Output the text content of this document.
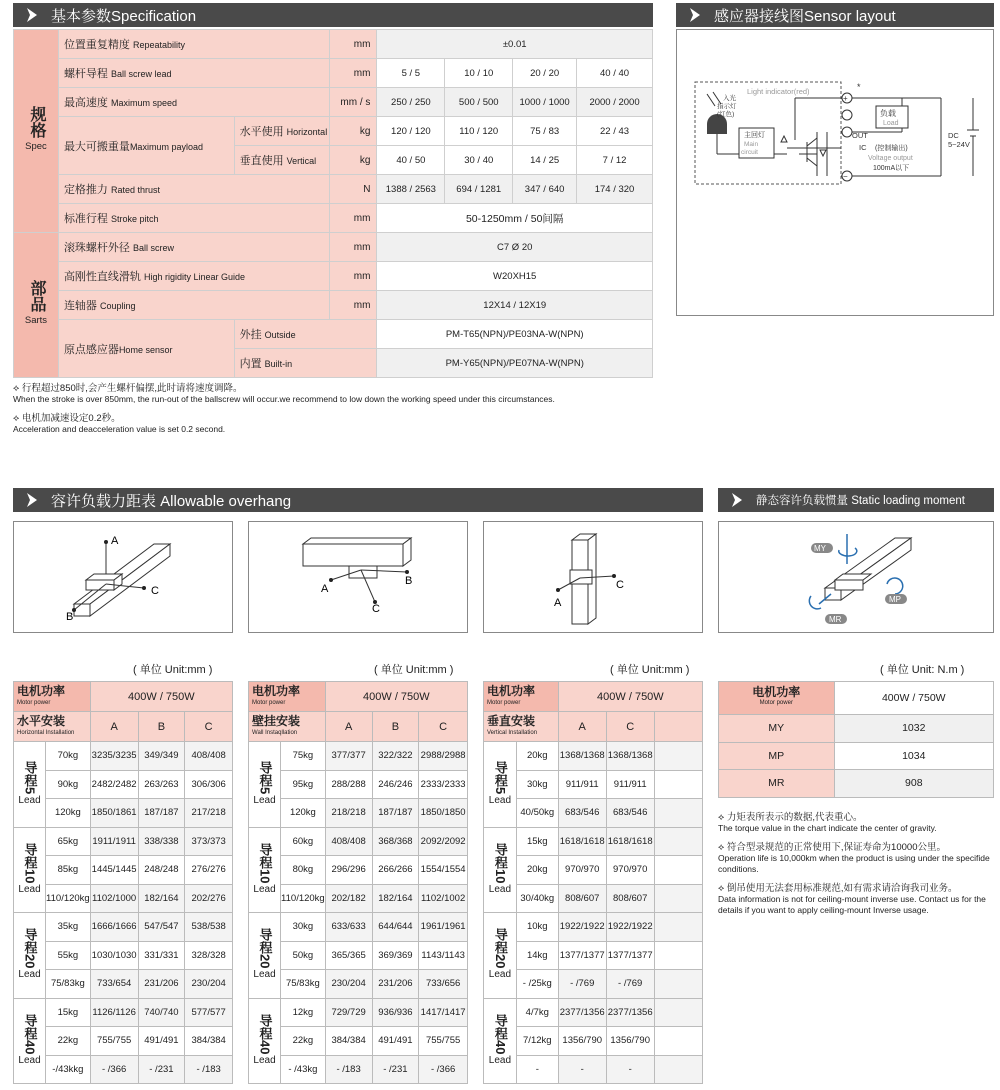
基本参数Specification
规格
Spec	位置重复精度 Repeatability		mm	±0.01			
	螺杆导程 Ball screw lead		mm	5 / 5	10 / 10	20 / 20	40 / 40
	最高速度 Maximum speed		mm / s	250 / 250	500 / 500	1000 / 1000	2000 / 2000
	最大可搬重量Maximum payload	水平使用 Horizontal	kg	120 / 120	110 / 120	75 / 83	22 / 43
		垂直使用 Vertical	kg	40 / 50	30 / 40	14 / 25	7 / 12
	定格推力 Rated thrust		N	1388 / 2563	694 / 1281	347 / 640	174 / 320
	标准行程 Stroke pitch		mm	50-1250mm / 50间隔			

部品
Sarts	滚珠螺杆外径 Ball screw		mm	C7 Ø 20			
	高刚性直线滑轨 High rigidity Linear Guide		mm	W20XH15			
	连轴器 Coupling		mm	12X14 / 12X19			
	原点感应器Home sensor	外挂 Outside		PM-T65(NPN)/PE03NA-W(NPN)			
		内置 Built-in		PM-Y65(NPN)/PE07NA-W(NPN)			
⟡ 行程超过850时,会产生螺杆偏摆,此时请将速度调降。
When the stroke is over 850mm, the run-out of the ballscrew will occur.we recommend to low down the working speed under this circumstances.
⟡ 电机加减速设定0.2秒。
Acceleration and deacceleration value is set 0.2 second.
感应器接线图Sensor layout
Light indicator(red)
入光
指示灯
(红色)
主回灯
Main
circuit
负载
Load
OUT
IC (控制输出)
Voltage output
100mA以下
DC
5~24V
*
+
−
容许负载力距表 Allowable overhang	静态容许负载惯量 Static loading moment
A
C
B
A
C
B
A
C
MY
MP
MR
( 单位 Unit:mm )	( 单位 Unit:mm )	( 单位 Unit:mm )	( 单位 Unit: N.m )
电机功率
Motor power		400W / 750W		
水平安装
Horizontal Installation		A	B	C

导程
5
Lead	70kg	3235/3235	349/349	408/408
	90kg	2482/2482	263/263	306/306
	120kg	1850/1861	187/187	217/218

导程
10
Lead	65kg	1911/1911	338/338	373/373
	85kg	1445/1445	248/248	276/276
	110/120kg	1102/1000	182/164	202/276

导程
20
Lead	35kg	1666/1666	547/547	538/538
	55kg	1030/1030	331/331	328/328
	75/83kg	733/654	231/206	230/204

导程
40
Lead	15kg	1126/1126	740/740	577/577
	22kg	755/755	491/491	384/384
	-/43kkg	- /366	- /231	- /183
电机功率
Motor power		400W / 750W		
壁挂安装
Wall Instaqllation		A	B	C

导程
5
Lead	75kg	377/377	322/322	2988/2988
	95kg	288/288	246/246	2333/2333
	120kg	218/218	187/187	1850/1850

导程
10
Lead	60kg	408/408	368/368	2092/2092
	80kg	296/296	266/266	1554/1554
	110/120kg	202/182	182/164	1102/1002

导程
20
Lead	30kg	633/633	644/644	1961/1961
	50kg	365/365	369/369	1143/1143
	75/83kg	230/204	231/206	733/656

导程
40
Lead	12kg	729/729	936/936	1417/1417
	22kg	384/384	491/491	755/755
	- /43kg	- /183	- /231	- /366
电机功率
Motor power		400W / 750W		
垂直安装
Vertical Installation		A	C	

导程
5
Lead	20kg	1368/1368	1368/1368	
	30kg	911/911	911/911	
	40/50kg	683/546	683/546	

导程
10
Lead	15kg	1618/1618	1618/1618	
	20kg	970/970	970/970	
	30/40kg	808/607	808/607	

导程
20
Lead	10kg	1922/1922	1922/1922	
	14kg	1377/1377	1377/1377	
	- /25kg	- /769	- /769	

导程
40
Lead	4/7kg	2377/1356	2377/1356	
	7/12kg	1356/790	1356/790	
	-	-	-	
电机功率
Motor power	400W / 750W
MY	1032
MP	1034
MR	908
⟡ 力矩表所表示的数据,代表重心。
The torque value in the chart indicate the center of gravity.
⟡ 符合型录规范的正常使用下,保证寿命为10000公里。
Operation life is 10,000km when the product is using under the specifide conditions.
⟡ 倒吊使用无法套用标准规范,如有需求请洽询我司业务。
Data information is not for ceiling-mount inverse use. Contact us for the details if you want to apply ceiling-mount Inverse usage.
